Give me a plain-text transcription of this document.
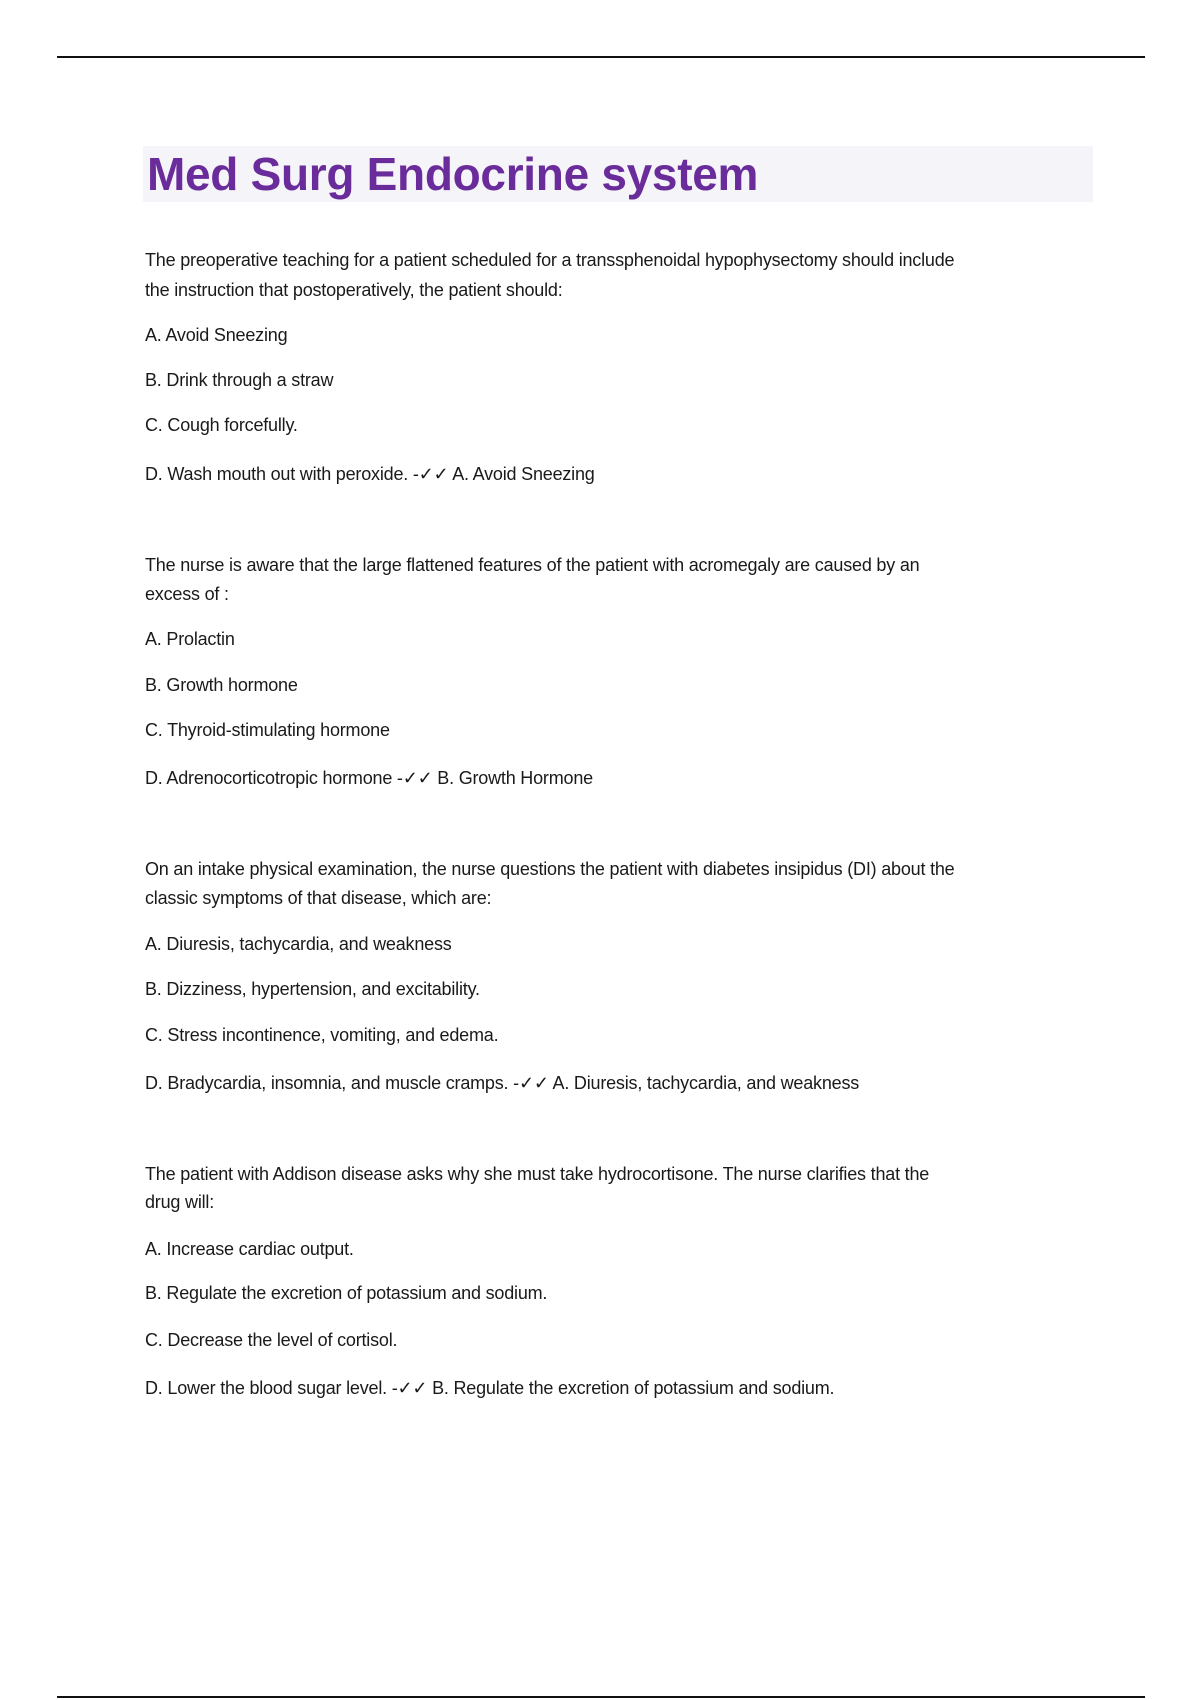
Med Surg Endocrine system
The preoperative teaching for a patient scheduled for a transsphenoidal hypophysectomy should include
the instruction that postoperatively, the patient should:
A. Avoid Sneezing
B. Drink through a straw
C. Cough forcefully.
D. Wash mouth out with peroxide. -✓✓ A. Avoid Sneezing
The nurse is aware that the large flattened features of the patient with acromegaly are caused by an
excess of :
A. Prolactin
B. Growth hormone
C. Thyroid-stimulating hormone
D. Adrenocorticotropic hormone -✓✓ B. Growth Hormone
On an intake physical examination, the nurse questions the patient with diabetes insipidus (DI) about the
classic symptoms of that disease, which are:
A. Diuresis, tachycardia, and weakness
B. Dizziness, hypertension, and excitability.
C. Stress incontinence, vomiting, and edema.
D. Bradycardia, insomnia, and muscle cramps. -✓✓ A. Diuresis, tachycardia, and weakness
The patient with Addison disease asks why she must take hydrocortisone. The nurse clarifies that the
drug will:
A. Increase cardiac output.
B. Regulate the excretion of potassium and sodium.
C. Decrease the level of cortisol.
D. Lower the blood sugar level. -✓✓ B. Regulate the excretion of potassium and sodium.
